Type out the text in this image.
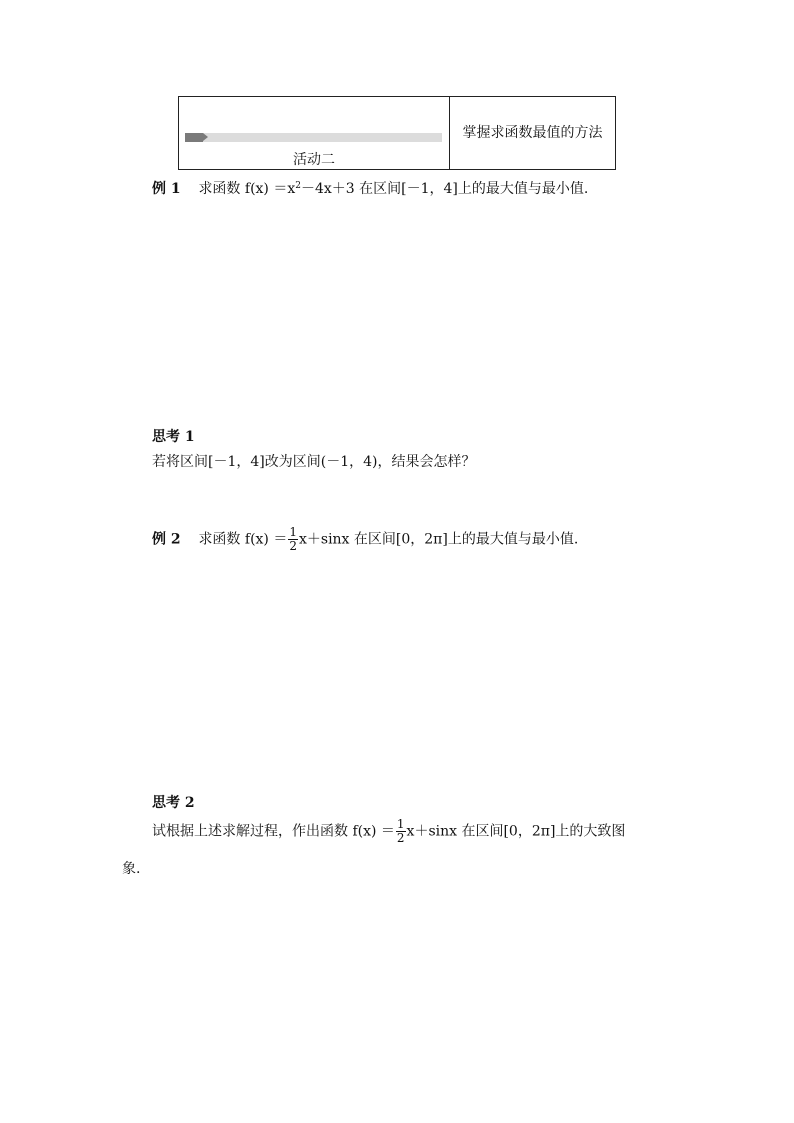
活动二
掌握求函数最值的方法
例 1 求函数 $f(x) =x^2-4x+3$ 在区间[－1，4]上的最大值与最小值.
思考 1
若将区间[－1，4]改为区间(－1，4)，结果会怎样？
例 2 求函数 $f(x) = \frac{1}{2} x+\sin x$ 在区间[0，2π]上的最大值与最小值.
思考 2
试根据上述求解过程，作出函数 $f(x) = \frac{1}{2} x+\sin x$ 在区间[0，2π]上的大致图
象.
